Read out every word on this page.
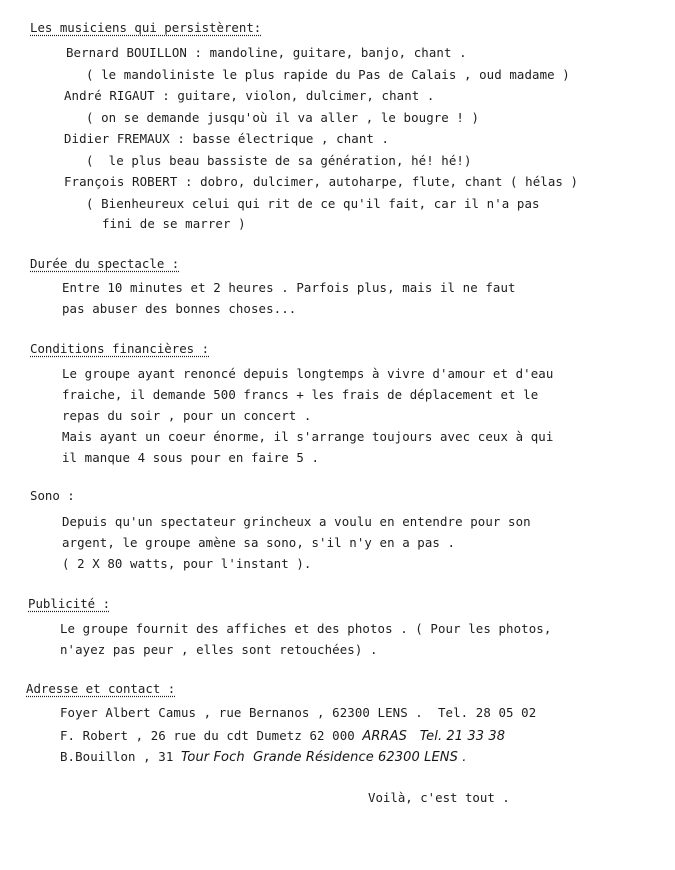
Les musiciens qui persistèrent:
Bernard BOUILLON : mandoline, guitare, banjo, chant .
( le mandoliniste le plus rapide du Pas de Calais , oud madame )
André RIGAUT : guitare, violon, dulcimer, chant .
( on se demande jusqu'où il va aller , le bougre ! )
Didier FREMAUX : basse électrique , chant .
(  le plus beau bassiste de sa génération, hé! hé!)
François ROBERT : dobro, dulcimer, autoharpe, flute, chant ( hélas )
( Bienheureux celui qui rit de ce qu'il fait, car il n'a pas
fini de se marrer )
Durée du spectacle :
Entre 10 minutes et 2 heures . Parfois plus, mais il ne faut
pas abuser des bonnes choses...
Conditions financières :
Le groupe ayant renoncé depuis longtemps à vivre d'amour et d'eau
fraiche, il demande 500 francs + les frais de déplacement et le
repas du soir , pour un concert .
Mais ayant un coeur énorme, il s'arrange toujours avec ceux à qui
il manque 4 sous pour en faire 5 .
Sono :
Depuis qu'un spectateur grincheux a voulu en entendre pour son
argent, le groupe amène sa sono, s'il n'y en a pas .
( 2 X 80 watts, pour l'instant ).
Publicité :
Le groupe fournit des affiches et des photos . ( Pour les photos,
n'ayez pas peur , elles sont retouchées) .
Adresse et contact :
Foyer Albert Camus , rue Bernanos , 62300 LENS .  Tel. 28 05 02
F. Robert , 26 rue du cdt Dumetz 62 000 ARRAS   Tel. 21 33 38
B.Bouillon , 31 Tour Foch  Grande Résidence 62300 LENS .
Voilà, c'est tout .
